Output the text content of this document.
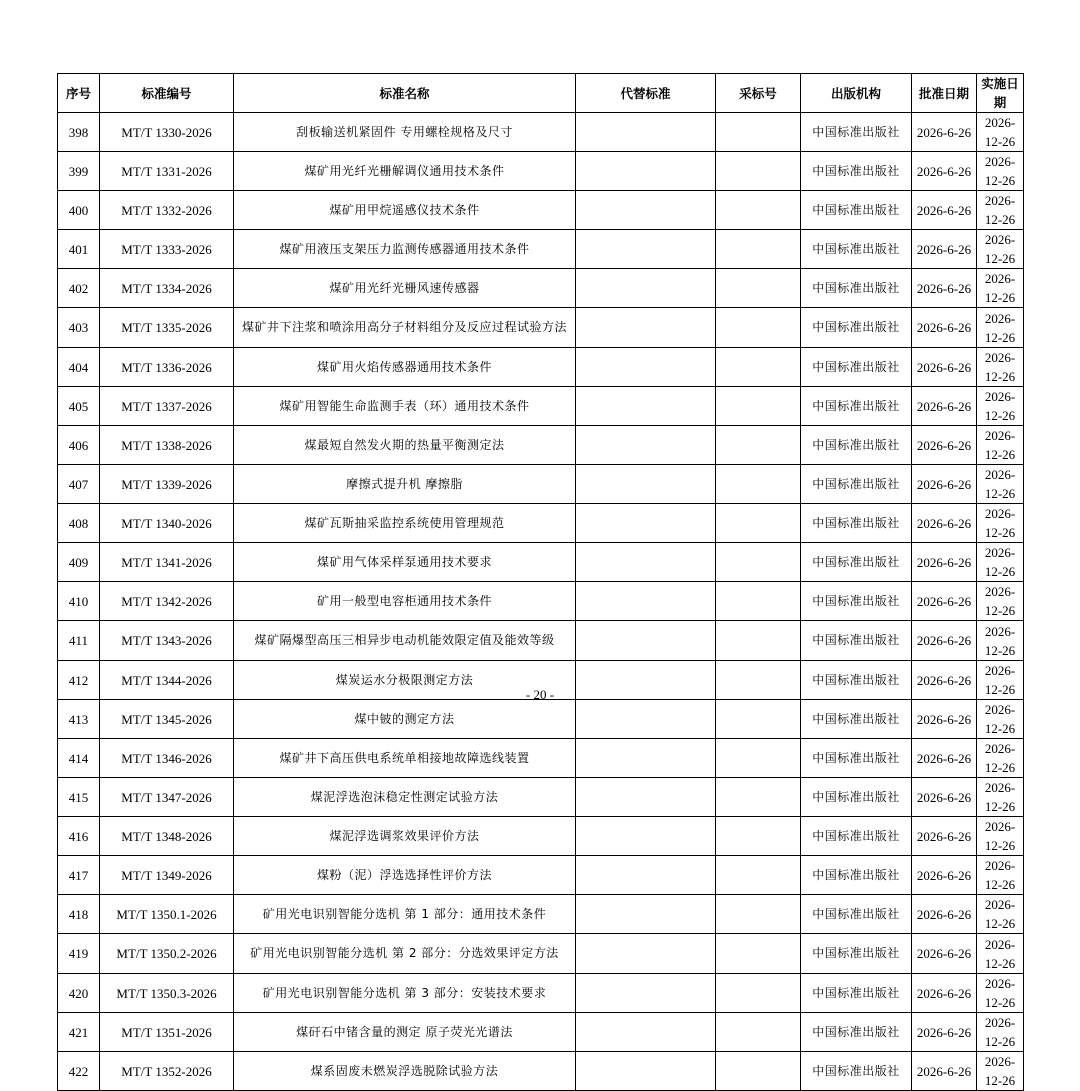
序号	标准编号	标准名称	代替标准	采标号	出版机构	批准日期	实施日期
398	MT/T 1330-2026	刮板输送机紧固件 专用螺栓规格及尺寸			中国标准出版社	2026-6-26	2026-12-26
399	MT/T 1331-2026	煤矿用光纤光栅解调仪通用技术条件			中国标准出版社	2026-6-26	2026-12-26
400	MT/T 1332-2026	煤矿用甲烷遥感仪技术条件			中国标准出版社	2026-6-26	2026-12-26
401	MT/T 1333-2026	煤矿用液压支架压力监测传感器通用技术条件			中国标准出版社	2026-6-26	2026-12-26
402	MT/T 1334-2026	煤矿用光纤光栅风速传感器			中国标准出版社	2026-6-26	2026-12-26
403	MT/T 1335-2026	煤矿井下注浆和喷涂用高分子材料组分及反应过程试验方法			中国标准出版社	2026-6-26	2026-12-26
404	MT/T 1336-2026	煤矿用火焰传感器通用技术条件			中国标准出版社	2026-6-26	2026-12-26
405	MT/T 1337-2026	煤矿用智能生命监测手表（环）通用技术条件			中国标准出版社	2026-6-26	2026-12-26
406	MT/T 1338-2026	煤最短自然发火期的热量平衡测定法			中国标准出版社	2026-6-26	2026-12-26
407	MT/T 1339-2026	摩擦式提升机 摩擦脂			中国标准出版社	2026-6-26	2026-12-26
408	MT/T 1340-2026	煤矿瓦斯抽采监控系统使用管理规范			中国标准出版社	2026-6-26	2026-12-26
409	MT/T 1341-2026	煤矿用气体采样泵通用技术要求			中国标准出版社	2026-6-26	2026-12-26
410	MT/T 1342-2026	矿用一般型电容柜通用技术条件			中国标准出版社	2026-6-26	2026-12-26
411	MT/T 1343-2026	煤矿隔爆型高压三相异步电动机能效限定值及能效等级			中国标准出版社	2026-6-26	2026-12-26
412	MT/T 1344-2026	煤炭运水分极限测定方法			中国标准出版社	2026-6-26	2026-12-26
413	MT/T 1345-2026	煤中铍的测定方法			中国标准出版社	2026-6-26	2026-12-26
414	MT/T 1346-2026	煤矿井下高压供电系统单相接地故障选线装置			中国标准出版社	2026-6-26	2026-12-26
415	MT/T 1347-2026	煤泥浮选泡沫稳定性测定试验方法			中国标准出版社	2026-6-26	2026-12-26
416	MT/T 1348-2026	煤泥浮选调浆效果评价方法			中国标准出版社	2026-6-26	2026-12-26
417	MT/T 1349-2026	煤粉（泥）浮选选择性评价方法			中国标准出版社	2026-6-26	2026-12-26
418	MT/T 1350.1-2026	矿用光电识别智能分选机 第 1 部分：通用技术条件			中国标准出版社	2026-6-26	2026-12-26
419	MT/T 1350.2-2026	矿用光电识别智能分选机 第 2 部分：分选效果评定方法			中国标准出版社	2026-6-26	2026-12-26
420	MT/T 1350.3-2026	矿用光电识别智能分选机 第 3 部分：安装技术要求			中国标准出版社	2026-6-26	2026-12-26
421	MT/T 1351-2026	煤矸石中锗含量的测定 原子荧光光谱法			中国标准出版社	2026-6-26	2026-12-26
422	MT/T 1352-2026	煤系固废未燃炭浮选脱除试验方法			中国标准出版社	2026-6-26	2026-12-26
- 20 -
